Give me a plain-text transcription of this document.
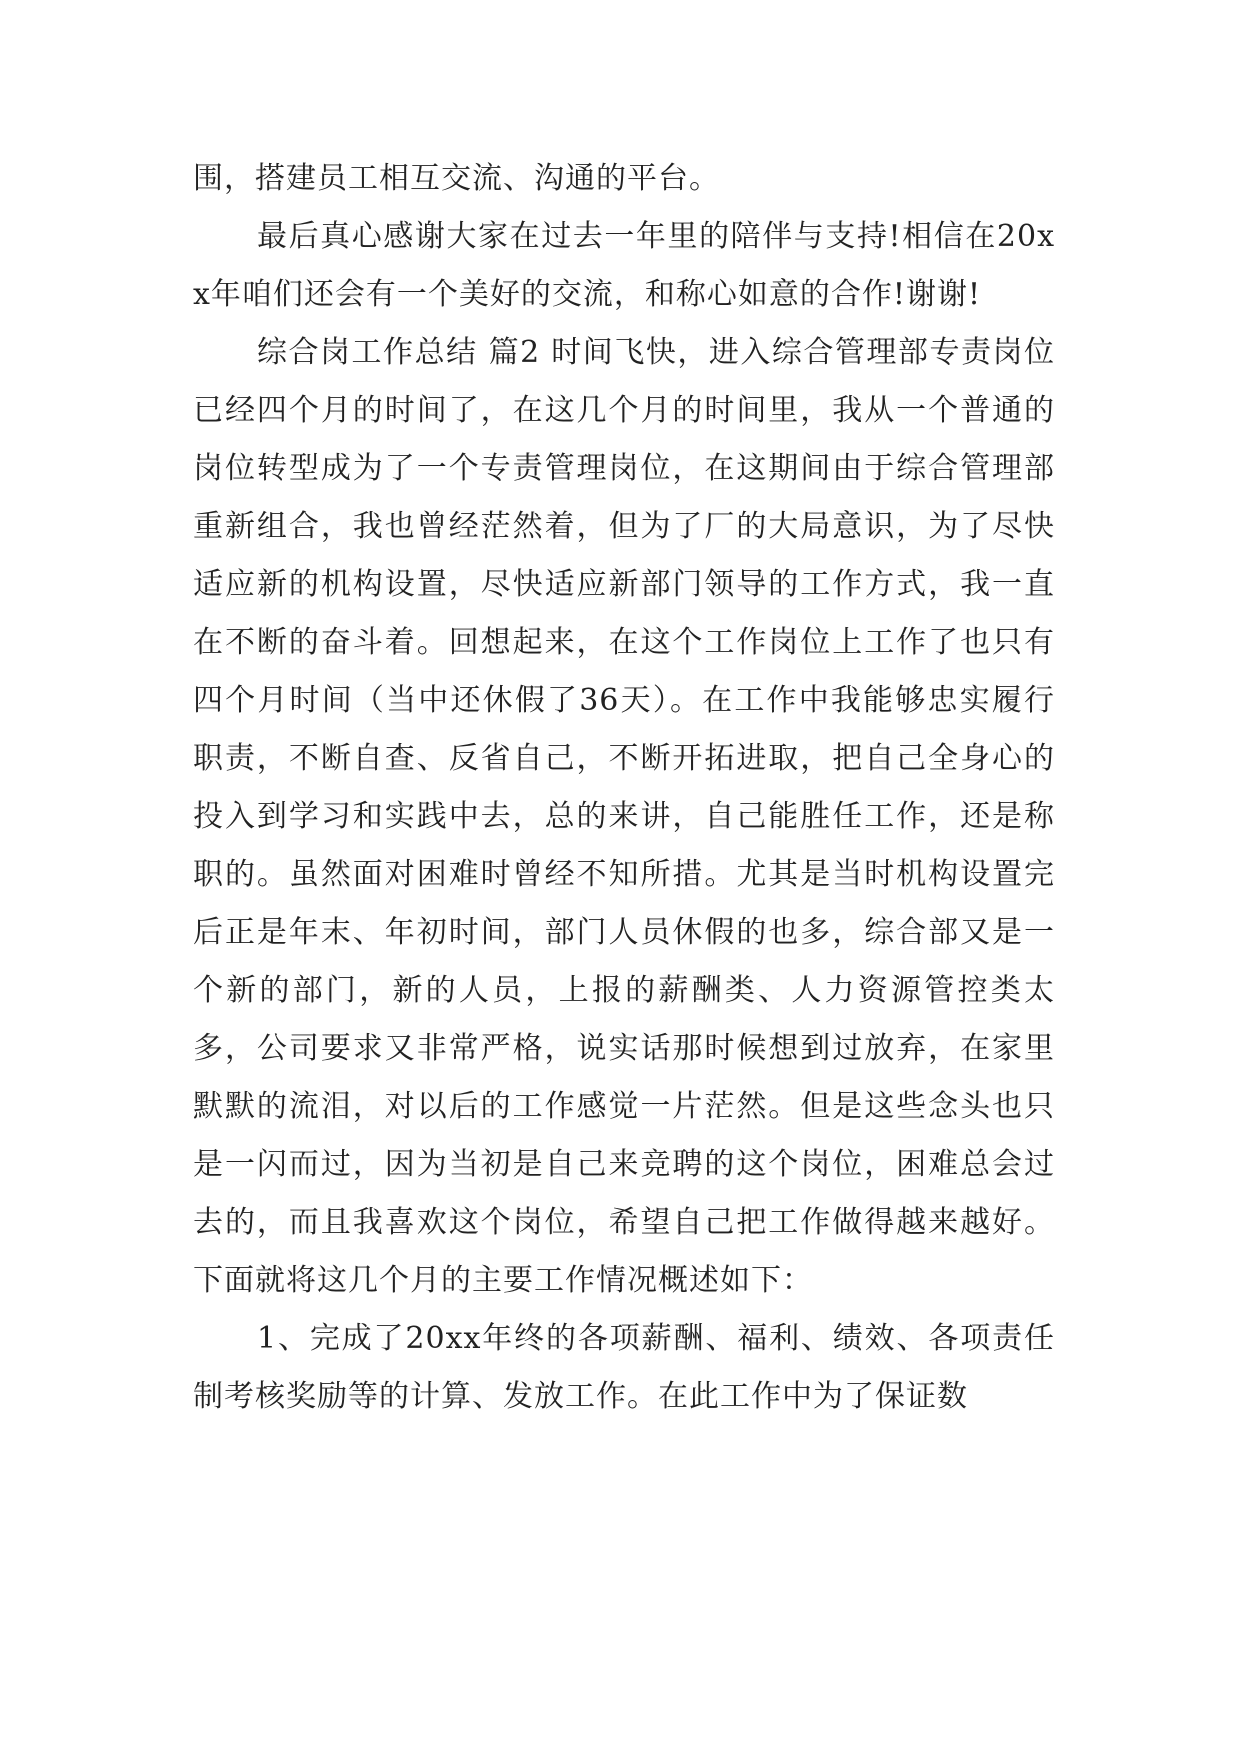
围，搭建员工相互交流、沟通的平台。

最后真心感谢大家在过去一年里的陪伴与支持!相信在20xx年咱们还会有一个美好的交流，和称心如意的合作!谢谢!

综合岗工作总结 篇2 时间飞快，进入综合管理部专责岗位已经四个月的时间了，在这几个月的时间里，我从一个普通的岗位转型成为了一个专责管理岗位，在这期间由于综合管理部重新组合，我也曾经茫然着，但为了厂的大局意识，为了尽快适应新的机构设置，尽快适应新部门领导的工作方式，我一直在不断的奋斗着。回想起来，在这个工作岗位上工作了也只有四个月时间（当中还休假了36天）。在工作中我能够忠实履行职责，不断自查、反省自己，不断开拓进取，把自己全身心的投入到学习和实践中去，总的来讲，自己能胜任工作，还是称职的。虽然面对困难时曾经不知所措。尤其是当时机构设置完后正是年末、年初时间，部门人员休假的也多，综合部又是一个新的部门，新的人员，上报的薪酬类、人力资源管控类太多，公司要求又非常严格，说实话那时候想到过放弃，在家里默默的流泪，对以后的工作感觉一片茫然。但是这些念头也只是一闪而过，因为当初是自己来竞聘的这个岗位，困难总会过去的，而且我喜欢这个岗位，希望自己把工作做得越来越好。下面就将这几个月的主要工作情况概述如下：

1、完成了20xx年终的各项薪酬、福利、绩效、各项责任制考核奖励等的计算、发放工作。在此工作中为了保证数
